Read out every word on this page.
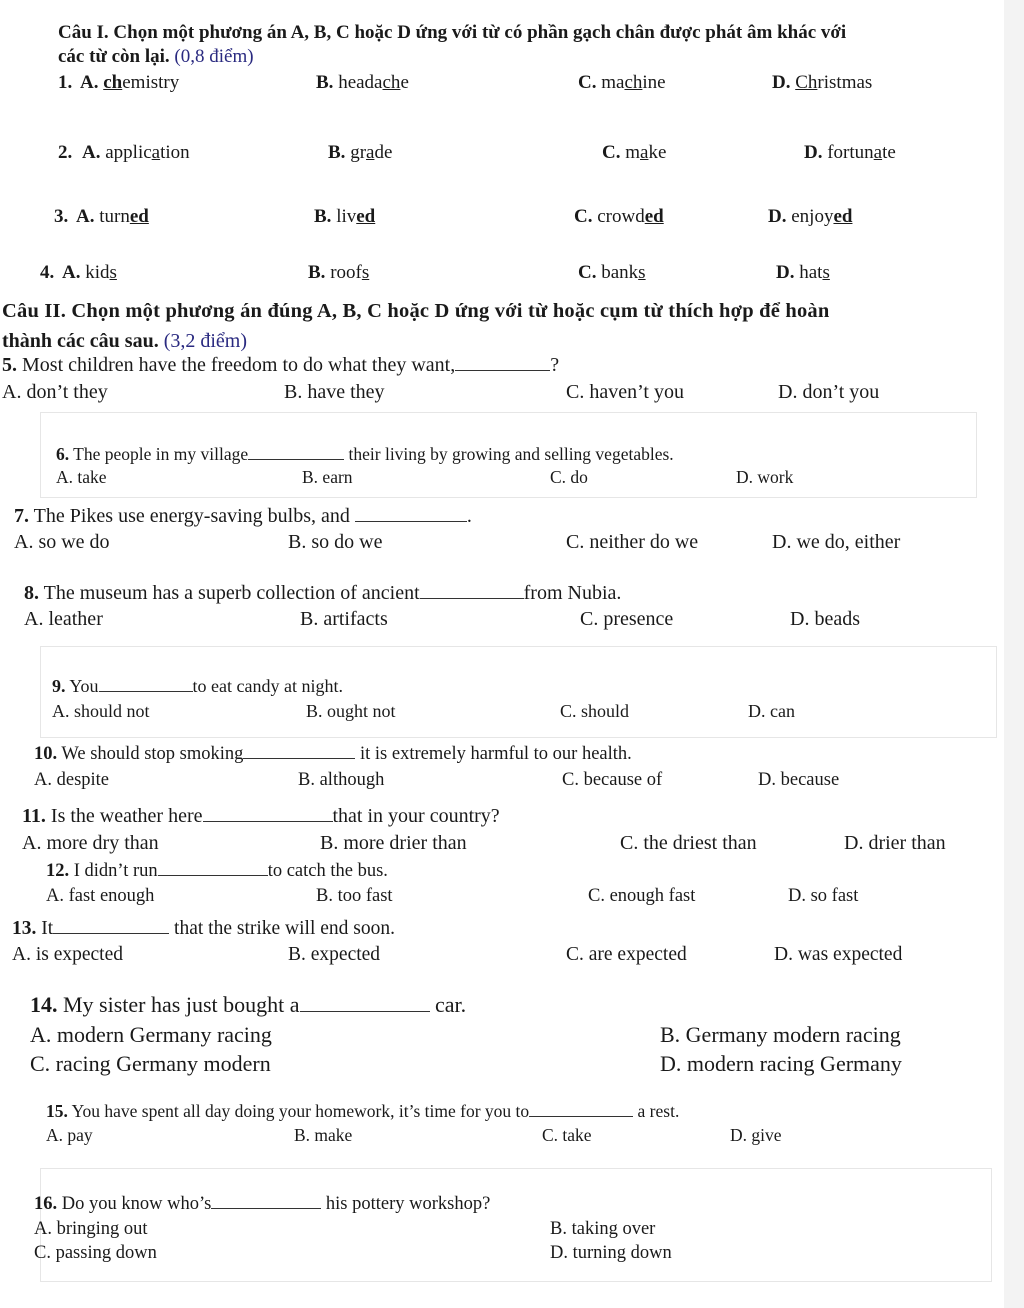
Câu I. Chọn một phương án A, B, C hoặc D ứng với từ có phần gạch chân được phát âm khác với
các từ còn lại. (0,8 điểm)
1. A. chemistry	B. headache	C. machine	D. Christmas
2. A. application	B. grade	C. make	D. fortunate
3. A. turned	B. lived	C. crowded	D. enjoyed
4. A. kids	B. roofs	C. banks	D. hats
Câu II. Chọn một phương án đúng A, B, C hoặc D ứng với từ hoặc cụm từ thích hợp để hoàn
thành các câu sau. (3,2 điểm)
5. Most children have the freedom to do what they want,	?
A. don’t they	B. have they	C. haven’t you	D. don’t you
6. The people in my village	their living by growing and selling vegetables.
A. take	B. earn	C. do	D. work
7. The Pikes use energy-saving bulbs, and	.
A. so we do	B. so do we	C. neither do we	D. we do, either
8. The museum has a superb collection of ancient	from Nubia.
A. leather	B. artifacts	C. presence	D. beads
9. You	to eat candy at night.
A. should not	B. ought not	C. should	D. can
10. We should stop smoking	it is extremely harmful to our health.
A. despite	B. although	C. because of	D. because
11. Is the weather here	that in your country?
A. more dry than	B. more drier than	C. the driest than	D. drier than
12. I didn’t run	to catch the bus.
A. fast enough	B. too fast	C. enough fast	D. so fast
13. It	that the strike will end soon.
A. is expected	B. expected	C. are expected	D. was expected
14. My sister has just bought a	car.
A. modern Germany racing	B. Germany modern racing
C. racing Germany modern	D. modern racing Germany
15. You have spent all day doing your homework, it’s time for you to	a rest.
A. pay	B. make	C. take	D. give
16. Do you know who’s	his pottery workshop?
A. bringing out	B. taking over
C. passing down	D. turning down
